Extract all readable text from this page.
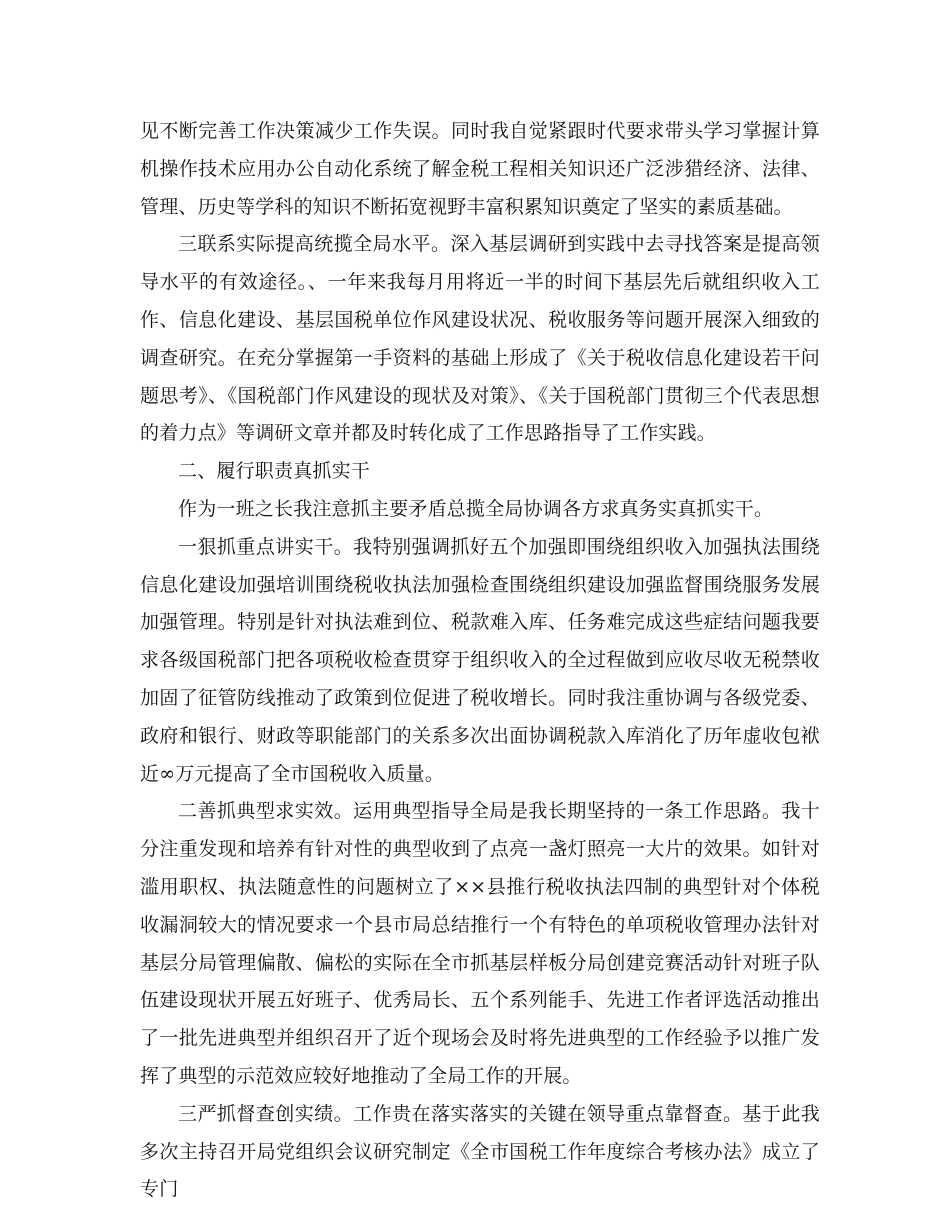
见不断完善工作决策减少工作失误。同时我自觉紧跟时代要求带头学习掌握计算机操作技术应用办公自动化系统了解金税工程相关知识还广泛涉猎经济、法律、管理、历史等学科的知识不断拓宽视野丰富积累知识奠定了坚实的素质基础。

三联系实际提高统揽全局水平。深入基层调研到实践中去寻找答案是提高领导水平的有效途径。、一年来我每月用将近一半的时间下基层先后就组织收入工作、信息化建设、基层国税单位作风建设状况、税收服务等问题开展深入细致的调查研究。在充分掌握第一手资料的基础上形成了《关于税收信息化建设若干问题思考》、《国税部门作风建设的现状及对策》、《关于国税部门贯彻三个代表思想的着力点》等调研文章并都及时转化成了工作思路指导了工作实践。

二、履行职责真抓实干

作为一班之长我注意抓主要矛盾总揽全局协调各方求真务实真抓实干。

一狠抓重点讲实干。我特别强调抓好五个加强即围绕组织收入加强执法围绕信息化建设加强培训围绕税收执法加强检查围绕组织建设加强监督围绕服务发展加强管理。特别是针对执法难到位、税款难入库、任务难完成这些症结问题我要求各级国税部门把各项税收检查贯穿于组织收入的全过程做到应收尽收无税禁收加固了征管防线推动了政策到位促进了税收增长。同时我注重协调与各级党委、政府和银行、财政等职能部门的关系多次出面协调税款入库消化了历年虚收包袱近∞万元提高了全市国税收入质量。

二善抓典型求实效。运用典型指导全局是我长期坚持的一条工作思路。我十分注重发现和培养有针对性的典型收到了点亮一盏灯照亮一大片的效果。如针对滥用职权、执法随意性的问题树立了××县推行税收执法四制的典型针对个体税收漏洞较大的情况要求一个县市局总结推行一个有特色的单项税收管理办法针对基层分局管理偏散、偏松的实际在全市抓基层样板分局创建竞赛活动针对班子队伍建设现状开展五好班子、优秀局长、五个系列能手、先进工作者评选活动推出了一批先进典型并组织召开了近个现场会及时将先进典型的工作经验予以推广发挥了典型的示范效应较好地推动了全局工作的开展。

三严抓督查创实绩。工作贵在落实落实的关键在领导重点靠督查。基于此我多次主持召开局党组织会议研究制定《全市国税工作年度综合考核办法》成立了专门
